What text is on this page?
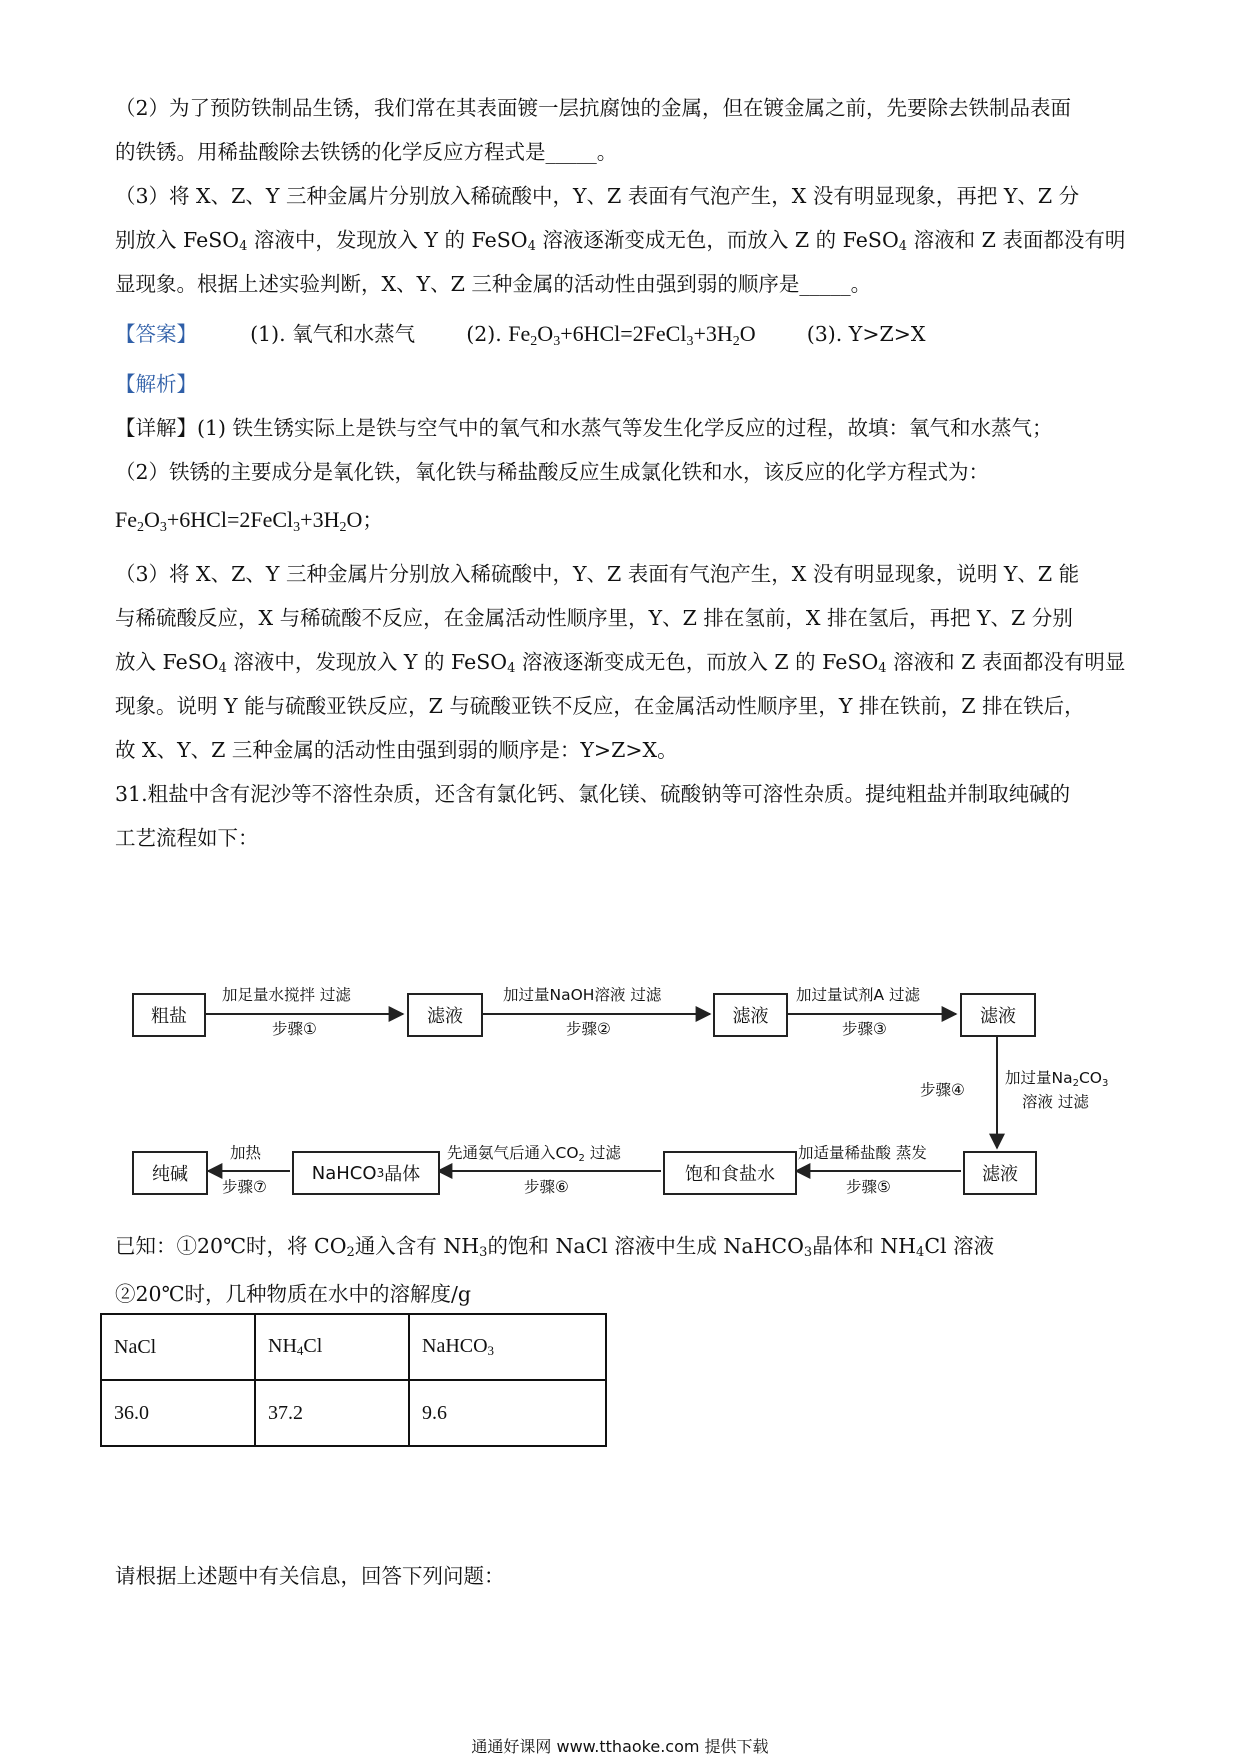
（2）为了预防铁制品生锈，我们常在其表面镀一层抗腐蚀的金属，但在镀金属之前，先要除去铁制品表面
的铁锈。用稀盐酸除去铁锈的化学反应方程式是_____。
（3）将 X、Z、Y 三种金属片分别放入稀硫酸中，Y、Z 表面有气泡产生，X 没有明显现象，再把 Y、Z 分
别放入 FeSO$_4$ 溶液中，发现放入 Y 的 FeSO$_4$ 溶液逐渐变成无色，而放入 Z 的 FeSO$_4$ 溶液和 Z 表面都没有明
显现象。根据上述实验判断，X、Y、Z 三种金属的活动性由强到弱的顺序是_____。
【答案】	(1). 氧气和水蒸气 (2). $Fe_2O_3+6HCl=2FeCl_3+3H_2O$ (3). Y>Z>X
【解析】
【详解】(1) 铁生锈实际上是铁与空气中的氧气和水蒸气等发生化学反应的过程，故填：氧气和水蒸气；
（2）铁锈的主要成分是氧化铁，氧化铁与稀盐酸反应生成氯化铁和水，该反应的化学方程式为：
$Fe_2O_3+6HCl=2FeCl_3+3H_2O$；
（3）将 X、Z、Y 三种金属片分别放入稀硫酸中，Y、Z 表面有气泡产生，X 没有明显现象，说明 Y、Z 能
与稀硫酸反应，X 与稀硫酸不反应，在金属活动性顺序里，Y、Z 排在氢前，X 排在氢后，再把 Y、Z 分别
放入 FeSO$_4$ 溶液中，发现放入 Y 的 FeSO$_4$ 溶液逐渐变成无色，而放入 Z 的 FeSO$_4$ 溶液和 Z 表面都没有明显
现象。说明 Y 能与硫酸亚铁反应，Z 与硫酸亚铁不反应，在金属活动性顺序里，Y 排在铁前，Z 排在铁后，
故 X、Y、Z 三种金属的活动性由强到弱的顺序是：Y>Z>X。
31.粗盐中含有泥沙等不溶性杂质，还含有氯化钙、氯化镁、硫酸钠等可溶性杂质。提纯粗盐并制取纯碱的
工艺流程如下：
粗盐	滤液	滤液	滤液
滤液
饱和食盐水
NaHCO 3 晶体
纯碱
加足量水搅拌 过滤
步骤①
加过量NaOH溶液 过滤
步骤②
加过量试剂A 过滤
步骤③
步骤④
加过量$Na_2CO_3$
溶液 过滤
加适量稀盐酸 蒸发
步骤⑤
先通氨气后通入$CO_2$ 过滤
步骤⑥
加热
步骤⑦
已知：①20℃时，将 $CO_2$通入含有 $NH_3$的饱和 NaCl 溶液中生成 NaHCO$_3$晶体和 $NH_4Cl$ 溶液
②20℃时，几种物质在水中的溶解度/g
NaCl	$NH_4Cl$	NaHCO$_3$
36.0	37.2	9.6
请根据上述题中有关信息，回答下列问题：
通通好课网 www.tthaoke.com 提供下载
